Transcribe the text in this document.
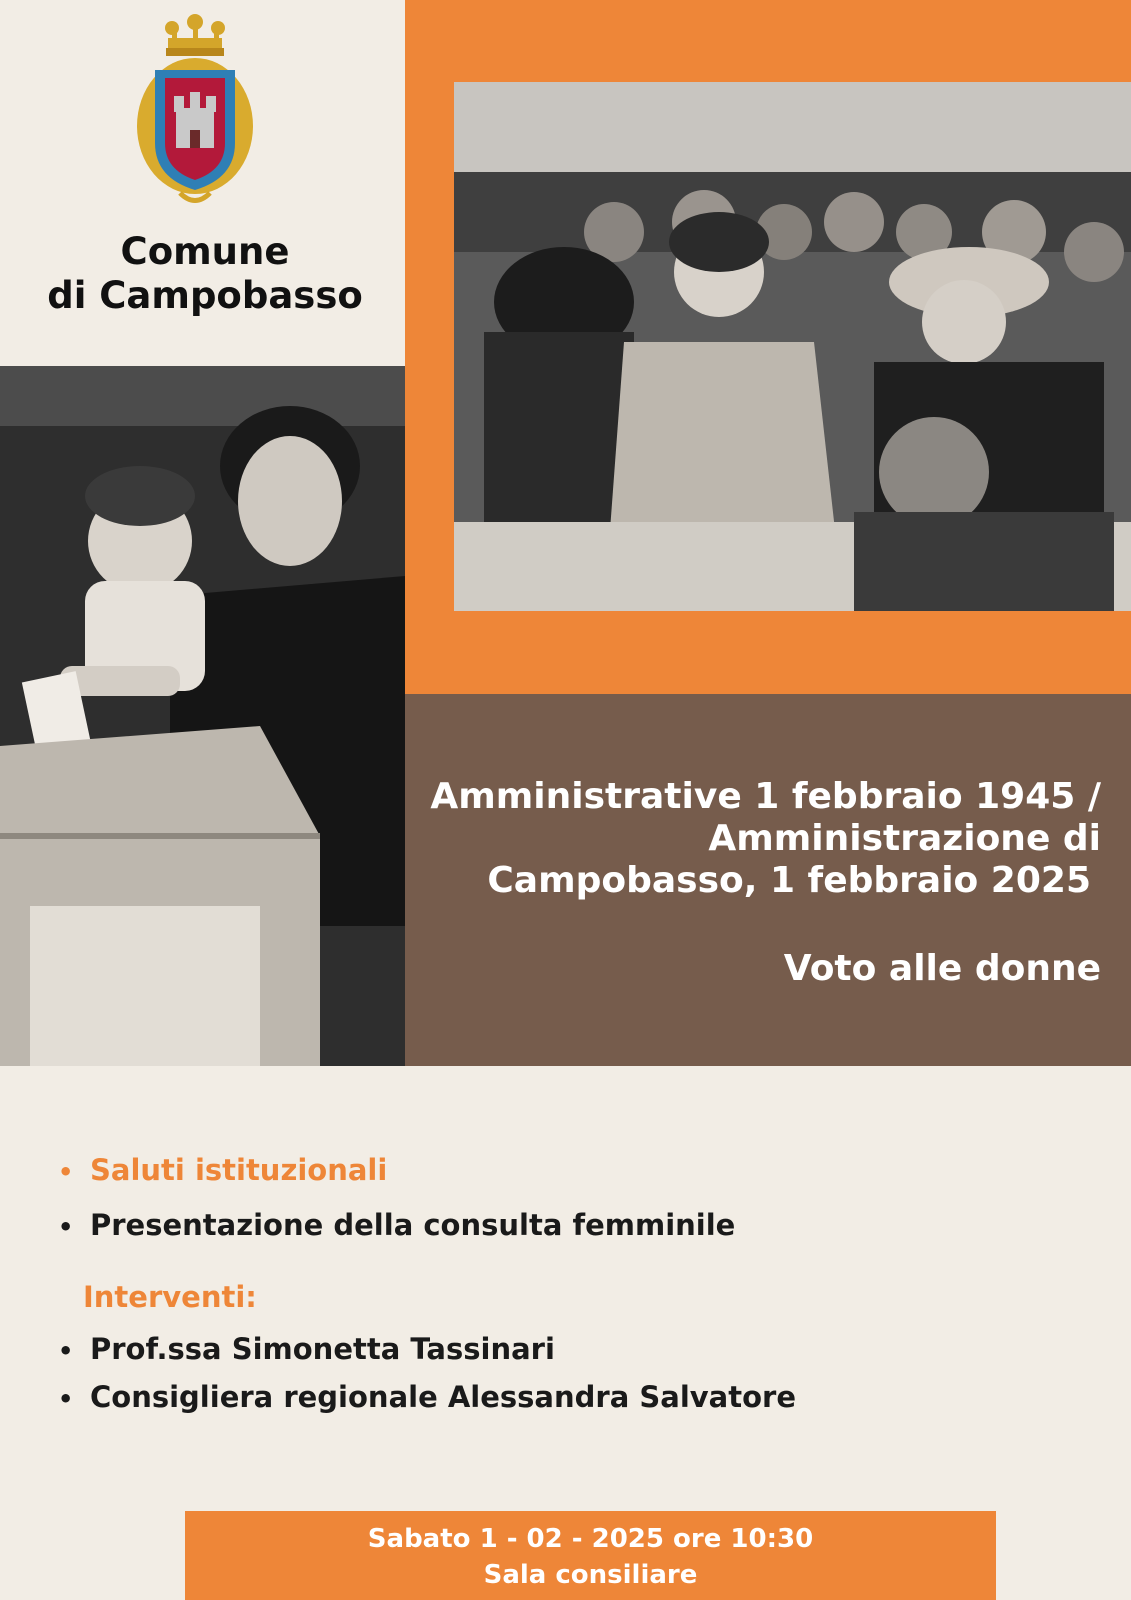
Comune
di Campobasso
Amministrative 1 febbraio 1945 /
Amministrazione di
Campobasso, 1 febbraio 2025
Voto alle donne
• Saluti istituzionali
• Presentazione della consulta femminile
Interventi:
• Prof.ssa Simonetta Tassinari
• Consigliera regionale Alessandra Salvatore
Sabato 1 - 02 - 2025 ore 10:30
Sala consiliare
